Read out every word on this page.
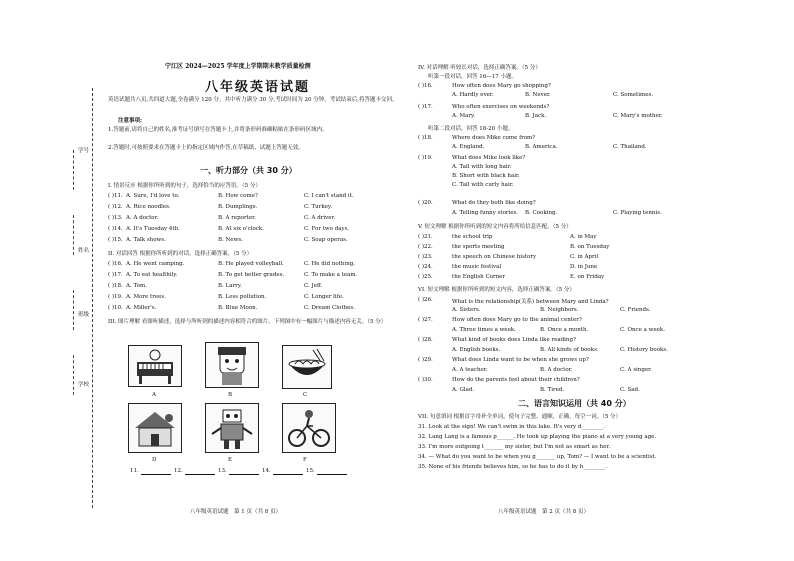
学号
姓名
班级
学校
宁江区 2024—2025 学年度上学期期末教学质量检测
八年级英语试题
英语试题共八页,共四道大题,全卷满分 120 分。其中听力满分 30 分,考试时间为 20 分钟。考试结束后,将答题卡交回。
注意事项:
1.答题前,请将自己的姓名,准考证号填写在答题卡上,并将条形码准确粘贴在条形码区域内。
2.答题时,可按照要求在答题卡上的指定区域内作答,在草稿纸、试题上答题无效。
一、听力部分（共 30 分）
I. 情景反应 根据你所听到的句子，选择恰当的应答语。（5 分）
( )11. A. Sure, I'd love to.	B. How come?	C. I can't stand it.
( )12. A. Rice noodles.	B. Dumplings.	C. Turkey.
( )13. A. A doctor.	B. A reporter.	C. A driver.
( )14. A. It's Tuesday 4th.	B. At six o'clock.	C. For two days.
( )15. A. Talk shows.	B. News.	C. Soap operas.
II. 对话回答 根据你所听到的对话，选择正确答案。（5 分）
( )16. A. He went camping.	B. He played volleyball.	C. He did nothing.
( )17. A. To eat healthily.	B. To get better grades.	C. To make a team.
( )18. A. Tom.	B. Larry.	C. Jeff.
( )19. A. More trees.	B. Less pollution.	C. Longer life.
( )10. A. Miller's.	B. Blue Moon.	C. Dream Clothes.
III. 图片理解 看图听描述，选择与所听到的描述内容相符合的图片。下列图中有一幅图片与描述内容无关。（5 分）
A	B	C
D	E	F
11.	12.	13.	14.	15.
八年级英语试题　第 1 页（共 8 页）
IV. 对话理解 听较长对话，选择正确答案。（5 分）
听第一段对话，回答 16—17 小题。
( )16.	How often does Mary go shopping?
A. Hardly ever.	B. Never.	C. Sometimes.
( )17.	Who often exercises on weekends?
A. Mary.	B. Jack.	C. Mary's mother.
( )18.	Where does Mike come from?
A. England.	B. America.	C. Thailand.
( )19.	What does Mike look like?
A. Tall with long hair.
B. Short with black hair.
C. Tall with curly hair.
( )20.	What do they both like doing?
A. Telling funny stories. B. Cooking.	C. Playing tennis.
听第二段对话，回答 18-20 小题。
V. 短文理解 根据你所听到的短文内容将所给信息匹配。（5 分）
( )21.	the school trip	A. in May
( )22.	the sports meeting	B. on Tuesday
( )23.	the speech on Chinese history	C. in April
( )24.	the music festival	D. in June
( )25.	the English Corner	E. on Friday
VI. 短文理解 根据你所听到的短文内容，选择正确答案。（5 分）
( )26.	What is the relationship(关系) between Mary and Linda?
A. Sisters.	B. Neighbors.	C. Friends.
( )27.	How often does Mary go to the animal center?
A. Three times a week.	B. Once a month.	C. Once a week.
( )28.	What kind of books does Linda like reading?
A. English books.	B. All kinds of books.	C. History books.
( )29.	What does Linda want to be when she grows up?
A. A teacher.	B. A doctor.	C. A singer.
( )30.	How do the parents feel about their children?
A. Glad.	B. Tired.	C. Sad.
二、语言知识运用（共 40 分）
VII. 句意填词 根据首字母补全单词，使句子完整、通顺，正确，每空一词。（5 分）
31. Look at the sign! We can't swim in this lake. It's very d________.
32. Lang Lang is a famous p______. He took up playing the piano at a very young age.
33. I'm more outgoing t_______ my sister, but I'm not as smart as her.
34. — What do you want to be when you g_______ up, Tom? — I want to be a scientist.
35. None of his friends believes him, so he has to do it by h________.
八年级英语试题　第 2 页（共 8 页）
